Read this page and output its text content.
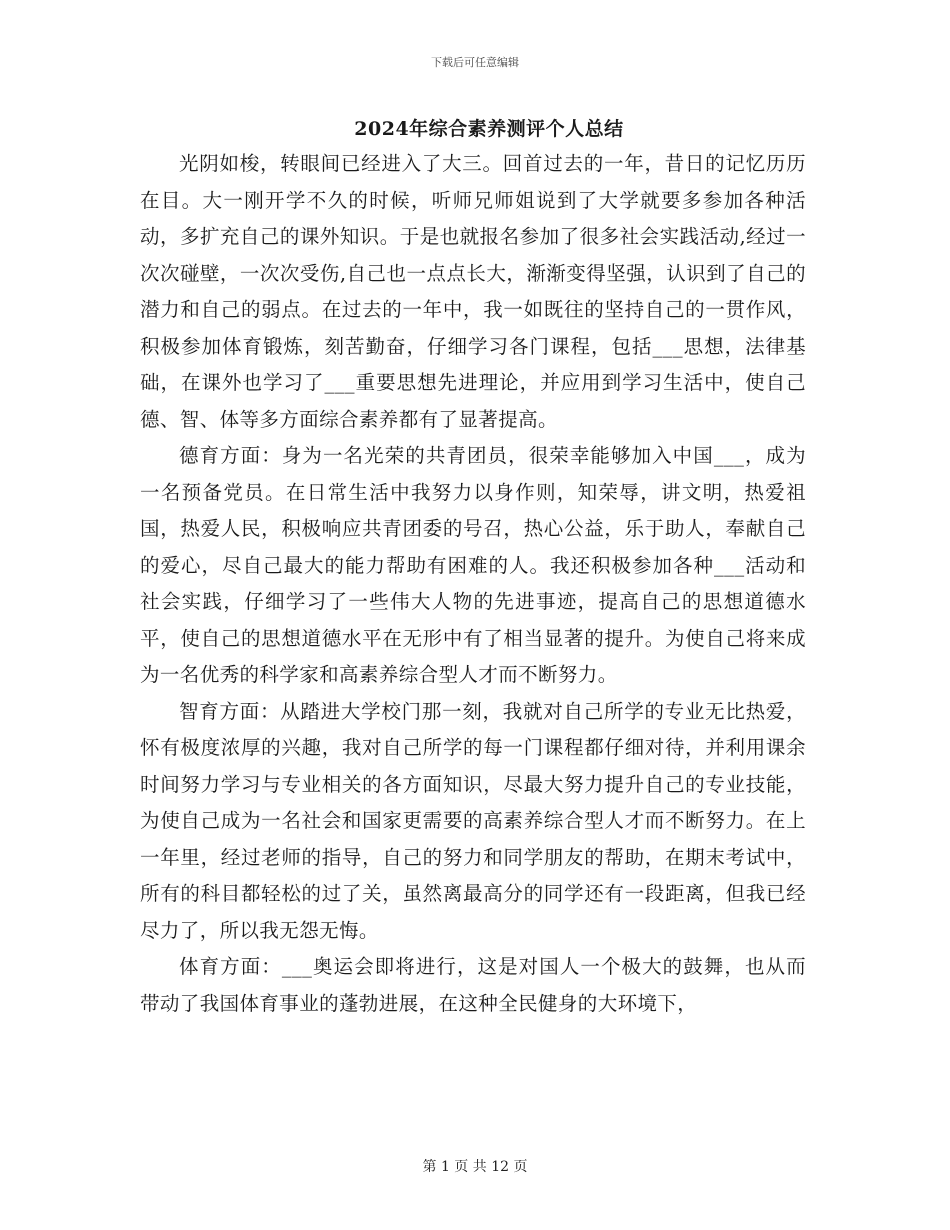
下载后可任意编辑
2024年综合素养测评个人总结

光阴如梭，转眼间已经进入了大三。回首过去的一年，昔日的记忆历历在目。大一刚开学不久的时候，听师兄师姐说到了大学就要多参加各种活动，多扩充自己的课外知识。于是也就报名参加了很多社会实践活动,经过一次次碰壁，一次次受伤,自己也一点点长大，渐渐变得坚强，认识到了自己的潜力和自己的弱点。在过去的一年中，我一如既往的坚持自己的一贯作风，积极参加体育锻炼，刻苦勤奋，仔细学习各门课程，包括___思想，法律基础，在课外也学习了___重要思想先进理论，并应用到学习生活中，使自己德、智、体等多方面综合素养都有了显著提高。

德育方面：身为一名光荣的共青团员，很荣幸能够加入中国___，成为一名预备党员。在日常生活中我努力以身作则，知荣辱，讲文明，热爱祖国，热爱人民，积极响应共青团委的号召，热心公益，乐于助人，奉献自己的爱心，尽自己最大的能力帮助有困难的人。我还积极参加各种___活动和社会实践，仔细学习了一些伟大人物的先进事迹，提高自己的思想道德水平，使自己的思想道德水平在无形中有了相当显著的提升。为使自己将来成为一名优秀的科学家和高素养综合型人才而不断努力。

智育方面：从踏进大学校门那一刻，我就对自己所学的专业无比热爱，怀有极度浓厚的兴趣，我对自己所学的每一门课程都仔细对待，并利用课余时间努力学习与专业相关的各方面知识，尽最大努力提升自己的专业技能，为使自己成为一名社会和国家更需要的高素养综合型人才而不断努力。在上一年里，经过老师的指导，自己的努力和同学朋友的帮助，在期末考试中，所有的科目都轻松的过了关，虽然离最高分的同学还有一段距离，但我已经尽力了，所以我无怨无悔。

体育方面：___奥运会即将进行，这是对国人一个极大的鼓舞，也从而带动了我国体育事业的蓬勃进展，在这种全民健身的大环境下，

第 1 页 共 12 页
